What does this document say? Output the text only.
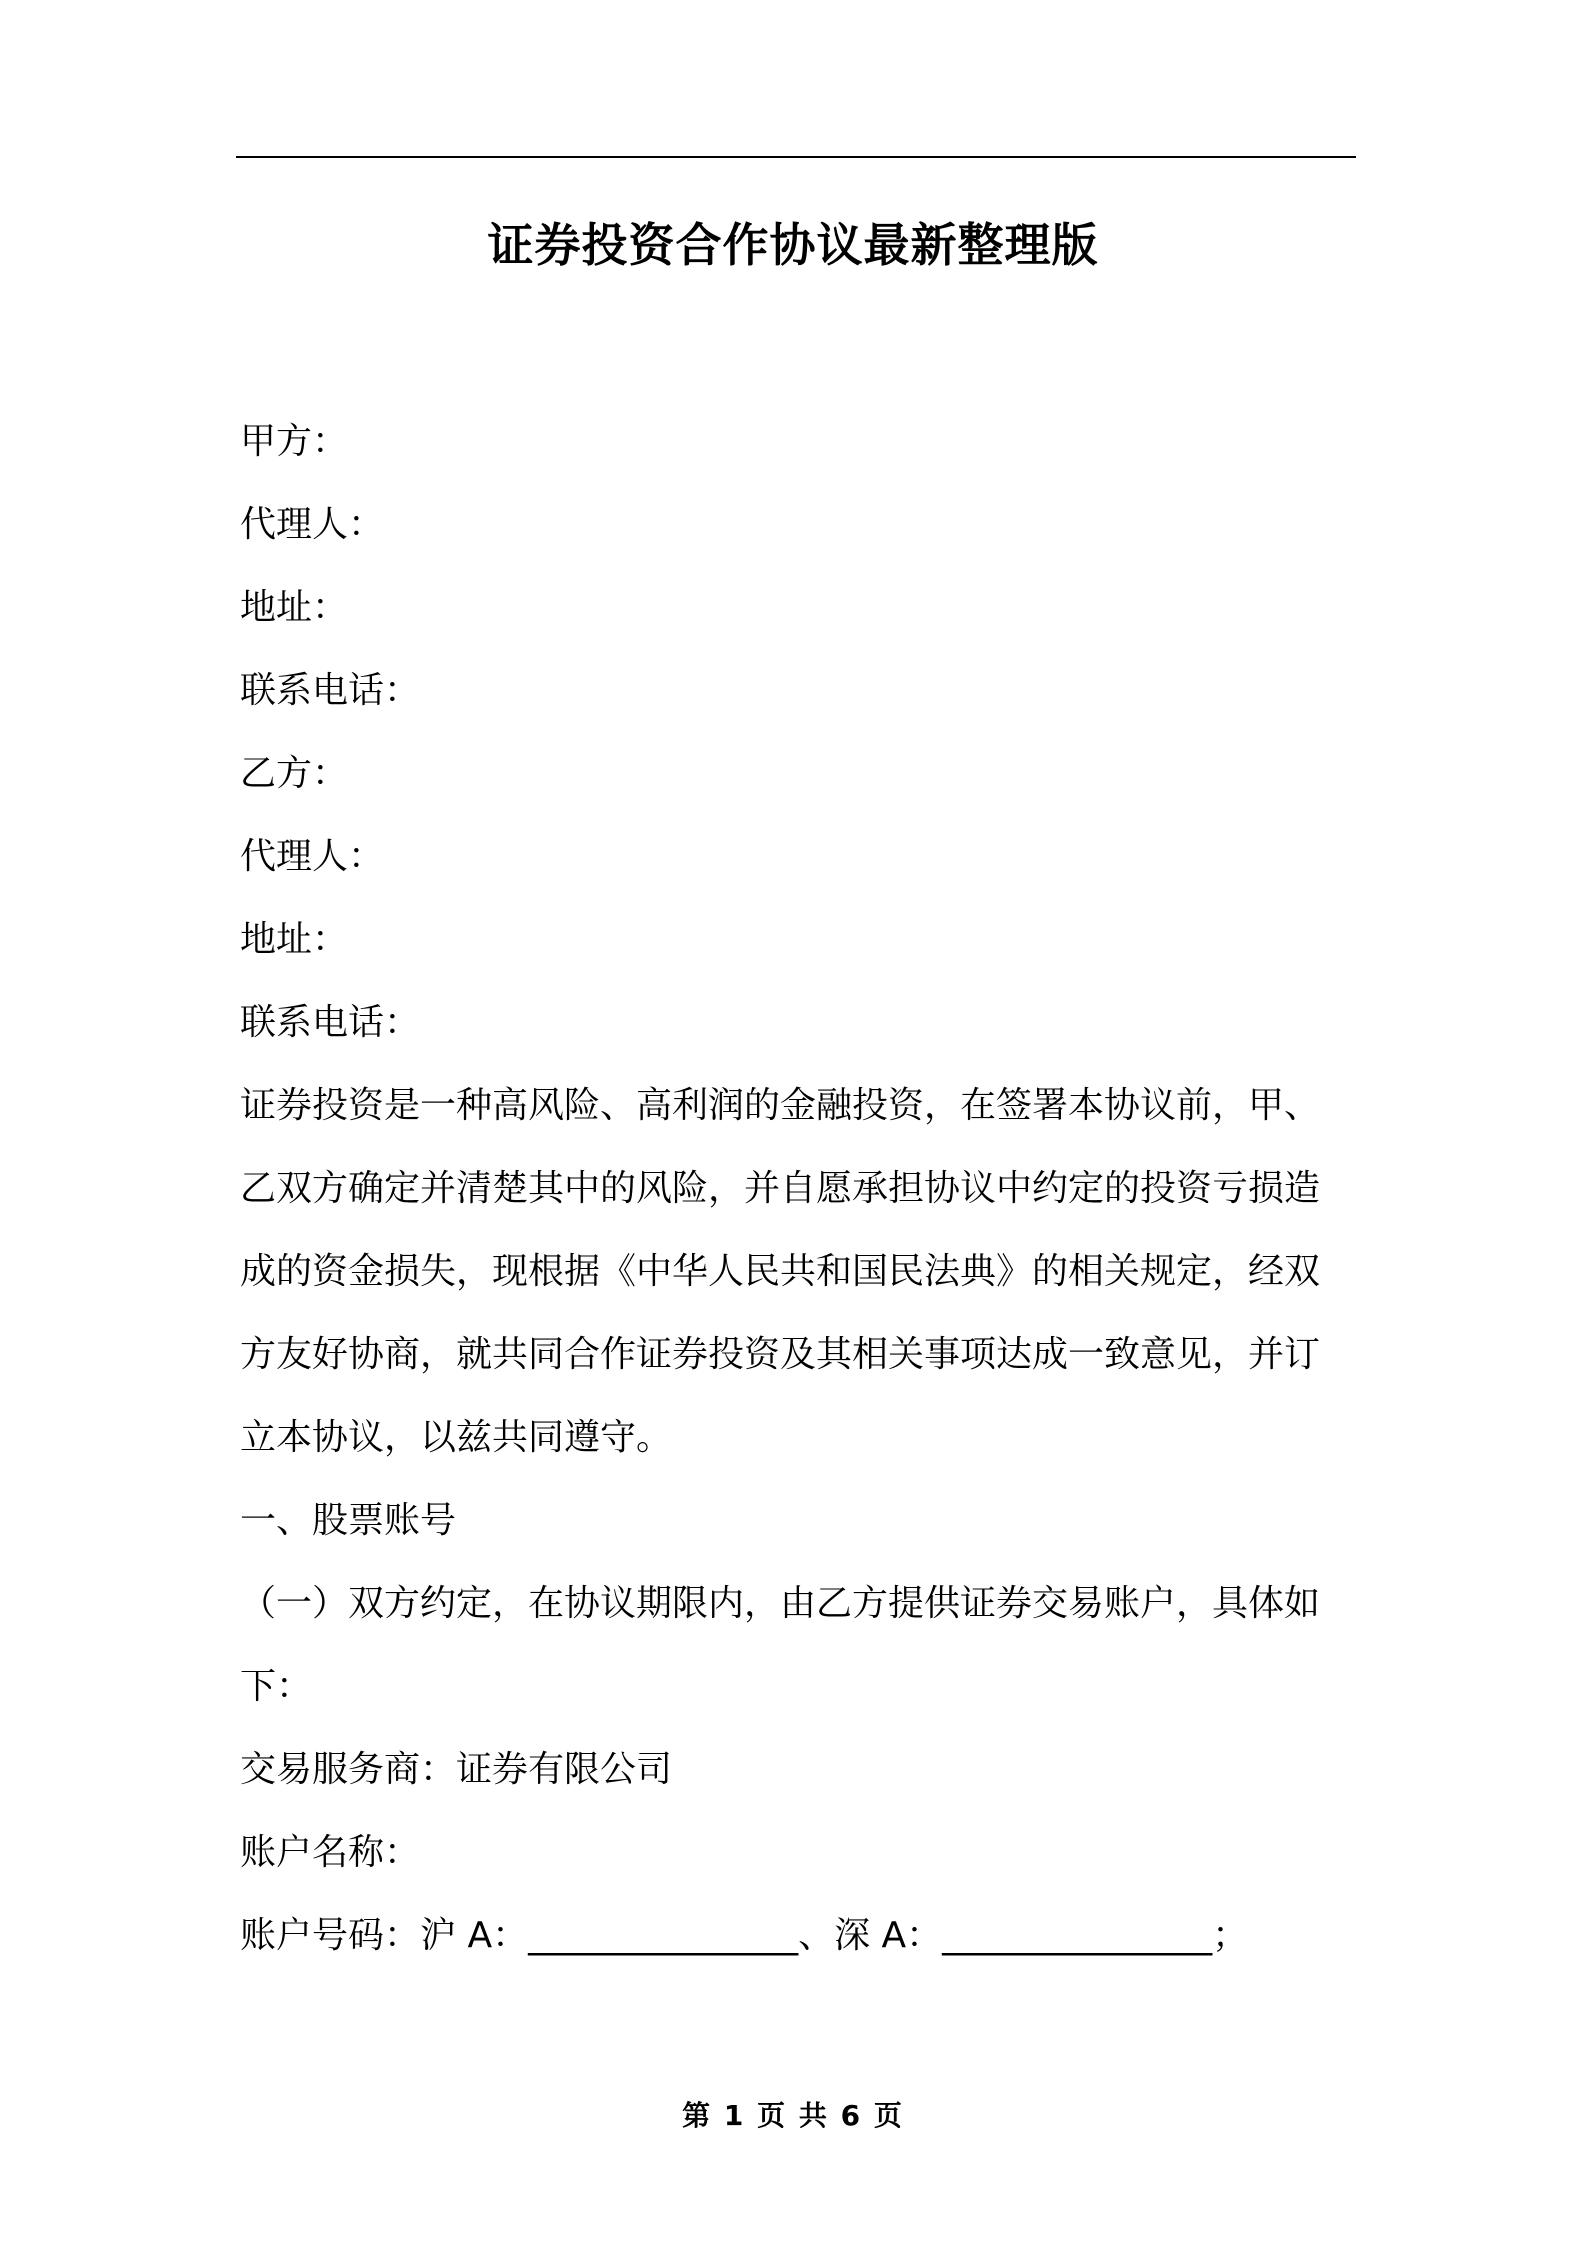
证券投资合作协议最新整理版
甲方：
代理人：
地址：
联系电话：
乙方：
代理人：
地址：
联系电话：
证券投资是一种高风险、高利润的金融投资，在签署本协议前，甲、
乙双方确定并清楚其中的风险，并自愿承担协议中约定的投资亏损造
成的资金损失，现根据《中华人民共和国民法典》的相关规定，经双
方友好协商，就共同合作证券投资及其相关事项达成一致意见，并订
立本协议，以兹共同遵守。
一、股票账号
（一）双方约定，在协议期限内，由乙方提供证券交易账户，具体如
下：
交易服务商：证券有限公司
账户名称：
账户号码：沪 A：_______________、深 A：_______________；
第 1 页 共 6 页
